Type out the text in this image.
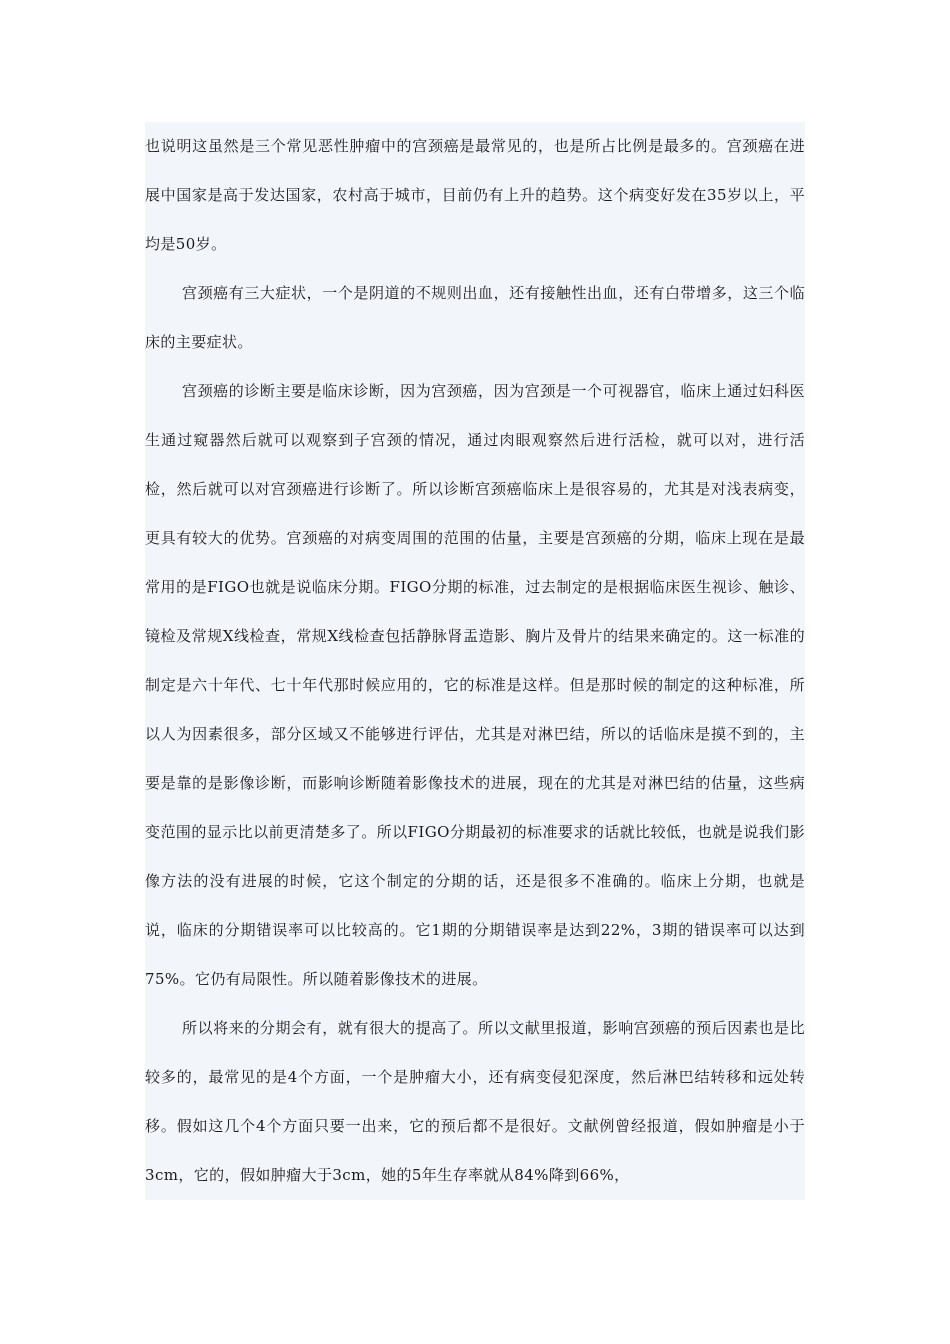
也说明这虽然是三个常见恶性肿瘤中的宫颈癌是最常见的，也是所占比例是最多的。宫颈癌在进展中国家是高于发达国家，农村高于城市，目前仍有上升的趋势。这个病变好发在35岁以上，平均是50岁。

宫颈癌有三大症状，一个是阴道的不规则出血，还有接触性出血，还有白带增多，这三个临床的主要症状。

宫颈癌的诊断主要是临床诊断，因为宫颈癌，因为宫颈是一个可视器官，临床上通过妇科医生通过窥器然后就可以观察到子宫颈的情况，通过肉眼观察然后进行活检，就可以对，进行活检，然后就可以对宫颈癌进行诊断了。所以诊断宫颈癌临床上是很容易的，尤其是对浅表病变，更具有较大的优势。宫颈癌的对病变周围的范围的估量，主要是宫颈癌的分期，临床上现在是最常用的是FIGO也就是说临床分期。FIGO分期的标准，过去制定的是根据临床医生视诊、触诊、镜检及常规X线检查，常规X线检查包括静脉肾盂造影、胸片及骨片的结果来确定的。这一标准的制定是六十年代、七十年代那时候应用的，它的标准是这样。但是那时候的制定的这种标准，所以人为因素很多，部分区域又不能够进行评估，尤其是对淋巴结，所以的话临床是摸不到的，主要是靠的是影像诊断，而影响诊断随着影像技术的进展，现在的尤其是对淋巴结的估量，这些病变范围的显示比以前更清楚多了。所以FIGO分期最初的标准要求的话就比较低，也就是说我们影像方法的没有进展的时候，它这个制定的分期的话，还是很多不准确的。临床上分期，也就是说，临床的分期错误率可以比较高的。它1期的分期错误率是达到22%，3期的错误率可以达到75%。它仍有局限性。所以随着影像技术的进展。

所以将来的分期会有，就有很大的提高了。所以文献里报道，影响宫颈癌的预后因素也是比较多的，最常见的是4个方面，一个是肿瘤大小，还有病变侵犯深度，然后淋巴结转移和远处转移。假如这几个4个方面只要一出来，它的预后都不是很好。文献例曾经报道，假如肿瘤是小于3cm，它的，假如肿瘤大于3cm，她的5年生存率就从84%降到66%，
